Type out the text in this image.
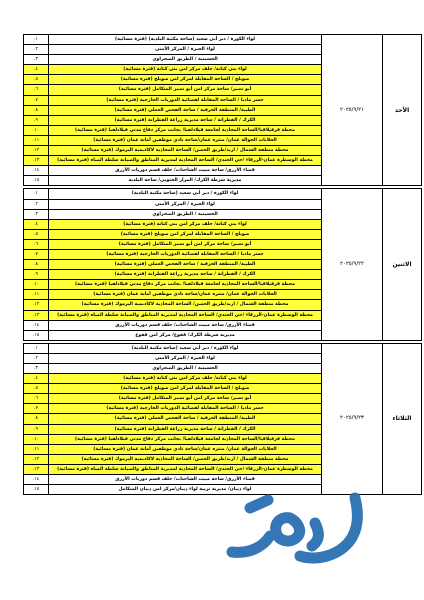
الأحد	٢٠٢٥/٩/٢١	لواء الكورة / دير أبي سعيد (ساحة مكتبة البلدية) (فترة مسائية)	١.
		لواء الجيزة / المركز الأمني	٢.
		الحسينية / الطريق الصحراوي	٣.
		لواء بني كنانة/ خلف مركز امن بني كنانة (فترة مسائية)	٤.
		صويلح / الساحة المقابلة لمركز امن صويلح (فترة مسائية)	٥.
		أبو نصير/ ساحة مركز امن أبو نصير المتكامل (فترة مسائية)	٦.
		جسر مادبا / الساحة المقابلة لقضائية الدوريات الخارجية (فترة مسائية)	٧.
		الطيبة/ المنطقة الحرفية / ساحة الفحص العملي (فترة مسائية)	٨.
		الكرك / القطرانة / ساحة مديرية زراعة القطرانة (فترة مسائية)	٩.
		محطة قرفيلاقيا/الساحة المحاذية لجامعة فيلادلفيا/ بجانب مركز دفاع مدني فيلادلفيا (فترة مسائية)	١٠.
		الحلابات الجوالة عمان/ منتزه عمان/ساحة نادي موظفين أمانة عمان (فترة مسائية)	١١.
		محطة منطقة الشمال / اربد/طريق الحصن/ الساحة المحاذية لاكاديمية اليرموك (فترة مسائية)	١٢.
		محطة الوسطرة عمان-الزرقاء /حي الجندي/ الساحة المحاذية لمديرية المناطق والصيانة سلطة المياه (فترة مسائية)	١٣.
		قضاء الأزرق/ ساحة مبيت الشاحنات/ خلف قسم دوريات الأزرق	١٤.
		مديرية شرطة الكرك/ المزار الجنوبي/ ساحة البلدية	١٥.

الاثنين	٢٠٢٥/٩/٢٢	لواء الكورة / دير أبي سعيد (ساحة مكتبة البلدية)	١.
		لواء الجيزة / المركز الأمني	٢.
		الحسينية / الطريق الصحراوي	٣.
		لواء بني كنانة/ خلف مركز امن بني كنانة (فترة مسائية)	٤.
		صويلح / الساحة المقابلة لمركز امن صويلح (فترة مسائية)	٥.
		أبو نصير/ ساحة مركز امن أبو نصير المتكامل (فترة مسائية)	٦.
		جسر مادبا / الساحة المقابلة لقضائية الدوريات الخارجية (فترة مسائية)	٧.
		الطيبة/ المنطقة الحرفية / ساحة الفحص العملي (فترة مسائية)	٨.
		الكرك / القطرانة / ساحة مديرية زراعة القطرانة (فترة مسائية)	٩.
		محطة قرفيلاقيا/الساحة المحاذية لجامعة فيلادلفيا/ بجانب مركز دفاع مدني فيلادلفيا (فترة مسائية)	١٠.
		الحلابات الجوالة عمان/ منتزه عمان/ساحة نادي موظفين أمانة عمان (فترة مسائية)	١١.
		محطة منطقة الشمال / اربد/طريق الحصن/ الساحة المحاذية لاكاديمية اليرموك (فترة مسائية)	١٢.
		محطة الوسطرة عمان-الزرقاء /حي الجندي/ الساحة المحاذية لمديرية المناطق والصيانة سلطة المياه (فترة مسائية)	١٣.
		قضاء الأزرق/ ساحة مبيت الشاحنات/ خلف قسم دوريات الأزرق	١٤.
		مديرية شرطة الكرك/ فقوع/ مركز امن فقوع	١٥.

الثلاثاء	٢٠٢٥/٩/٢٣	لواء الكورة / دير أبي سعيد (ساحة مكتبة البلدية)	١.
		لواء الجيزة / المركز الأمني	٢.
		الحسينية / الطريق الصحراوي	٣.
		لواء بني كنانة/ خلف مركز امن بني كنانة (فترة مسائية)	٤.
		صويلح / الساحة المقابلة لمركز امن صويلح (فترة مسائية)	٥.
		أبو نصير/ ساحة مركز امن أبو نصير المتكامل (فترة مسائية)	٦.
		جسر مادبا / الساحة المقابلة لقضائية الدوريات الخارجية (فترة مسائية)	٧.
		الطيبة/ المنطقة الحرفية / ساحة الفحص العملي (فترة مسائية)	٨.
		الكرك / القطرانة / ساحة مديرية زراعة القطرانة (فترة مسائية)	٩.
		محطة قرفيلاقيا/الساحة المحاذية لجامعة فيلادلفيا/ بجانب مركز دفاع مدني فيلادلفيا (فترة مسائية)	١٠.
		الحلابات الجوالة عمان/ منتزه عمان/ساحة نادي موظفين أمانة عمان (فترة مسائية)	١١.
		محطة منطقة الشمال / اربد/طريق الحصن/ الساحة المحاذية لاكاديمية اليرموك (فترة مسائية)	١٢.
		محطة الوسطرة عمان-الزرقاء /حي الجندي/ الساحة المحاذية لمديرية المناطق والصيانة سلطة المياه (فترة مسائية)	١٣.
		قضاء الأزرق/ ساحة مبيت الشاحنات/ خلف قسم دوريات الأزرق	١٤.
		لواء ذيبان/ مديرية تربية لواء ذيبان/مركز امن ذيبان المتكامل	١٥.
